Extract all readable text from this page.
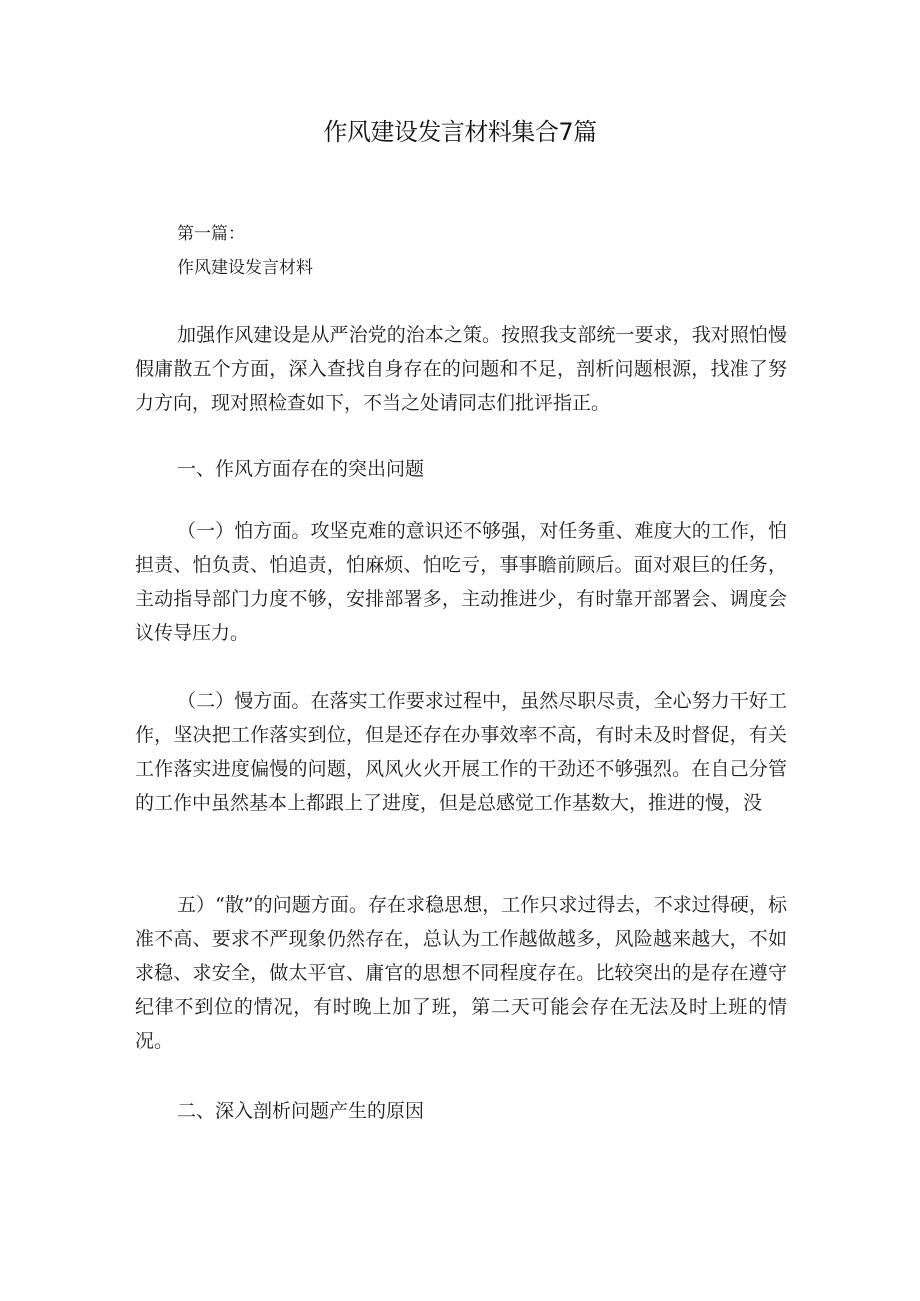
作风建设发言材料集合7篇
第一篇：
作风建设发言材料
加强作风建设是从严治党的治本之策。按照我支部统一要求，我对照怕慢假庸散五个方面，深入查找自身存在的问题和不足，剖析问题根源，找准了努力方向，现对照检查如下，不当之处请同志们批评指正。
一、作风方面存在的突出问题
（一）怕方面。攻坚克难的意识还不够强，对任务重、难度大的工作，怕担责、怕负责、怕追责，怕麻烦、怕吃亏，事事瞻前顾后。面对艰巨的任务，主动指导部门力度不够，安排部署多，主动推进少，有时靠开部署会、调度会议传导压力。
（二）慢方面。在落实工作要求过程中，虽然尽职尽责，全心努力干好工作，坚决把工作落实到位，但是还存在办事效率不高，有时未及时督促，有关工作落实进度偏慢的问题，风风火火开展工作的干劲还不够强烈。在自己分管的工作中虽然基本上都跟上了进度，但是总感觉工作基数大，推进的慢，没
五）“散”的问题方面。存在求稳思想，工作只求过得去，不求过得硬，标准不高、要求不严现象仍然存在，总认为工作越做越多，风险越来越大，不如求稳、求安全，做太平官、庸官的思想不同程度存在。比较突出的是存在遵守纪律不到位的情况，有时晚上加了班，第二天可能会存在无法及时上班的情况。
二、深入剖析问题产生的原因
